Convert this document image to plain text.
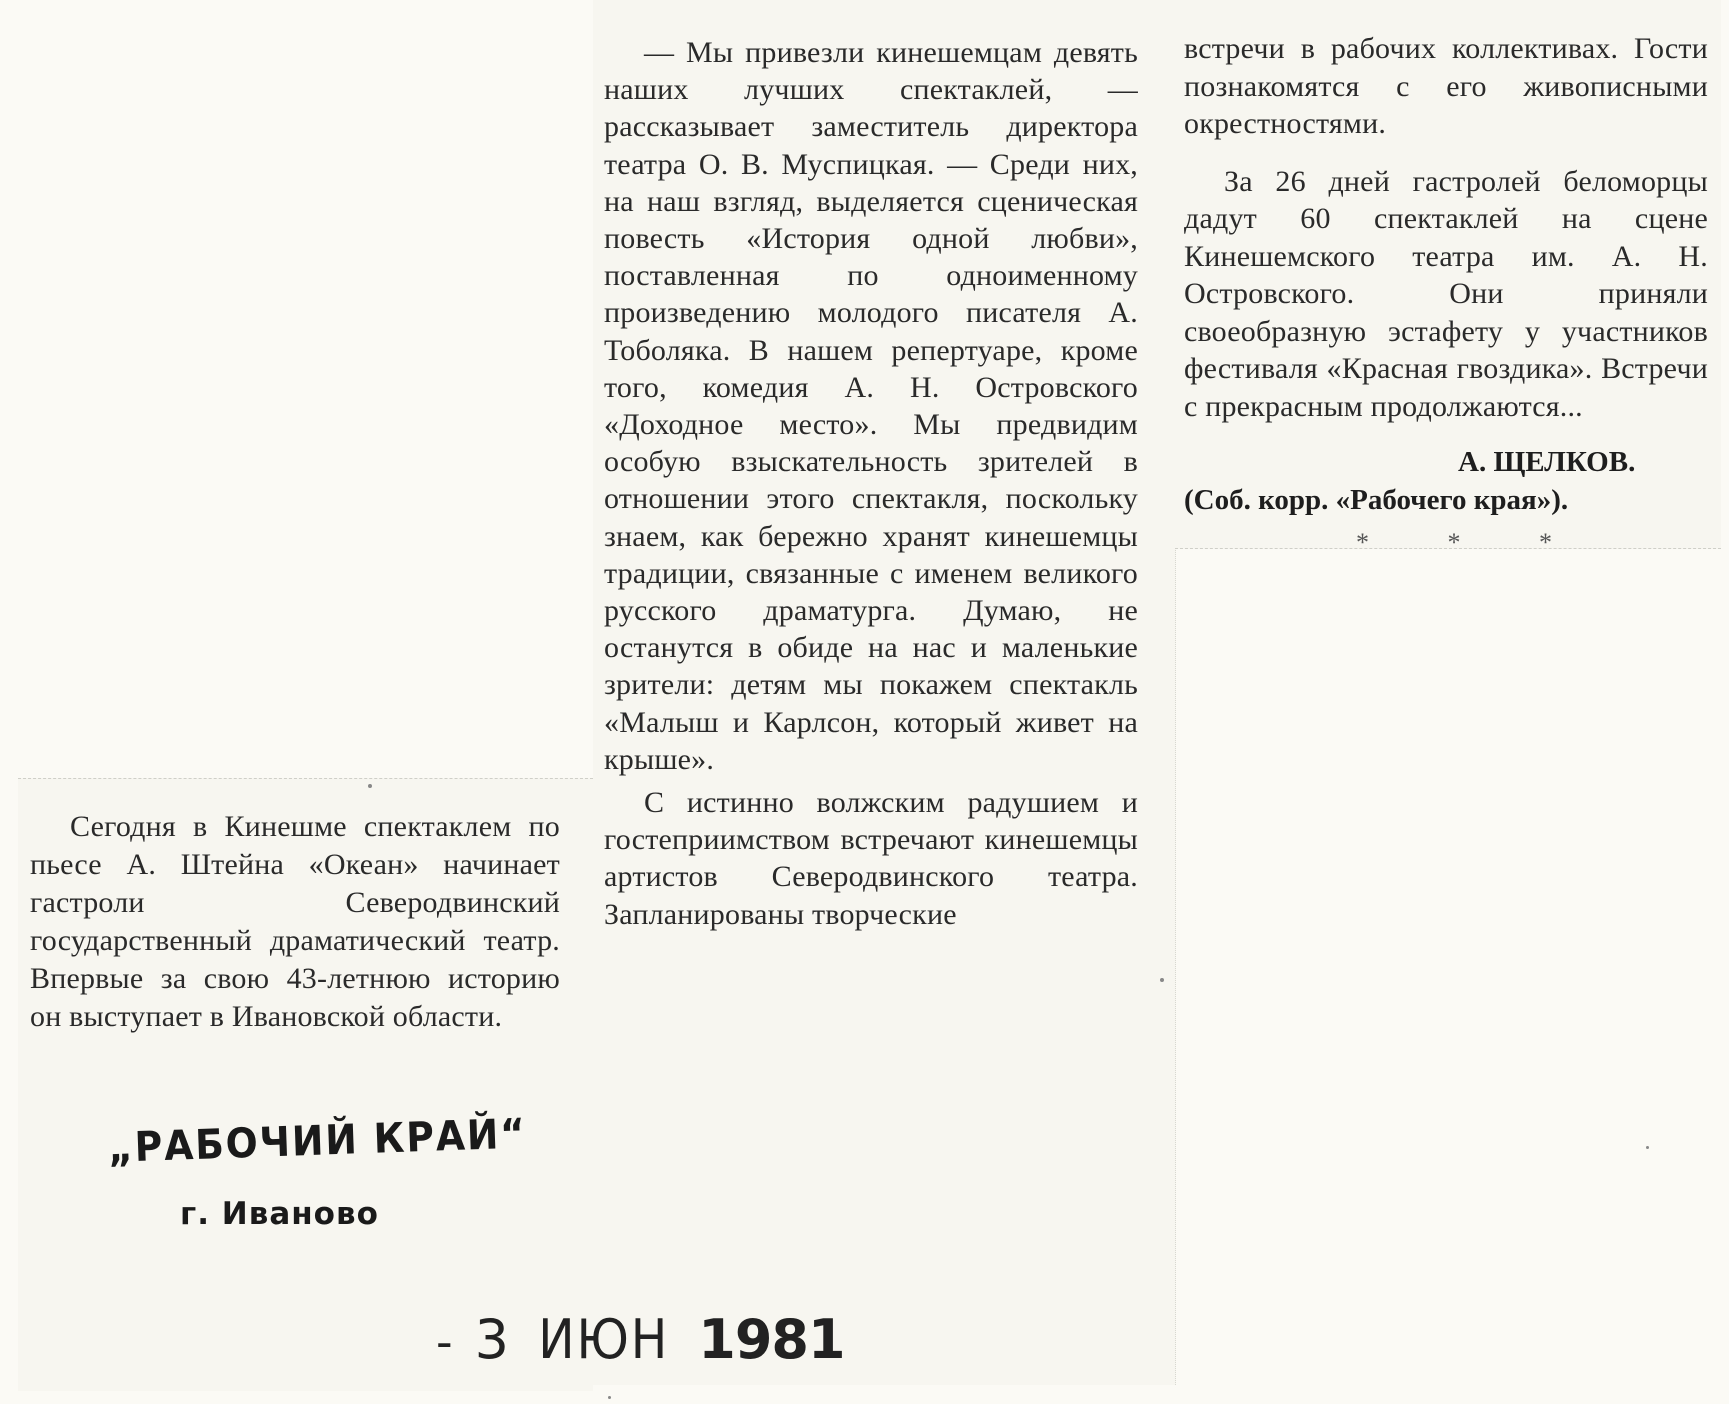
Сегодня в Кинешме спектаклем по пьесе А. Штейна «Океан» начинает гастроли Северодвинский государственный драматический театр. Впервые за свою 43-летнюю историю он выступает в Ивановской области.

— Мы привезли кинешемцам девять наших лучших спектаклей, — рассказывает заместитель директора театра О. В. Муспицкая. — Среди них, на наш взгляд, выделяется сценическая повесть «История одной любви», поставленная по одноименному произведению молодого писателя А. Тоболяка. В нашем репертуаре, кроме того, комедия А. Н. Островского «Доходное место». Мы предвидим особую взыскательность зрителей в отношении этого спектакля, поскольку знаем, как бережно хранят кинешемцы традиции, связанные с именем великого русского драматурга. Думаю, не останутся в обиде на нас и маленькие зрители: детям мы покажем спектакль «Малыш и Карлсон, который живет на крыше».

С истинно волжским радушием и гостеприимством встречают кинешемцы артистов Северодвинского театра. Запланированы творческие

встречи в рабочих коллективах. Гости познакомятся с его живописными окрестностями.

За 26 дней гастролей беломорцы дадут 60 спектаклей на сцене Кинешемского театра им. А. Н. Островского. Они приняли своеобразную эстафету у участников фестиваля «Красная гвоздика». Встречи с прекрасным продолжаются...

А. ЩЕЛКОВ.
(Соб. корр. «Рабочего края»).
* * *
„РАБОЧИЙ КРАЙ“
г. Иваново
- 3 ИЮН 1981
